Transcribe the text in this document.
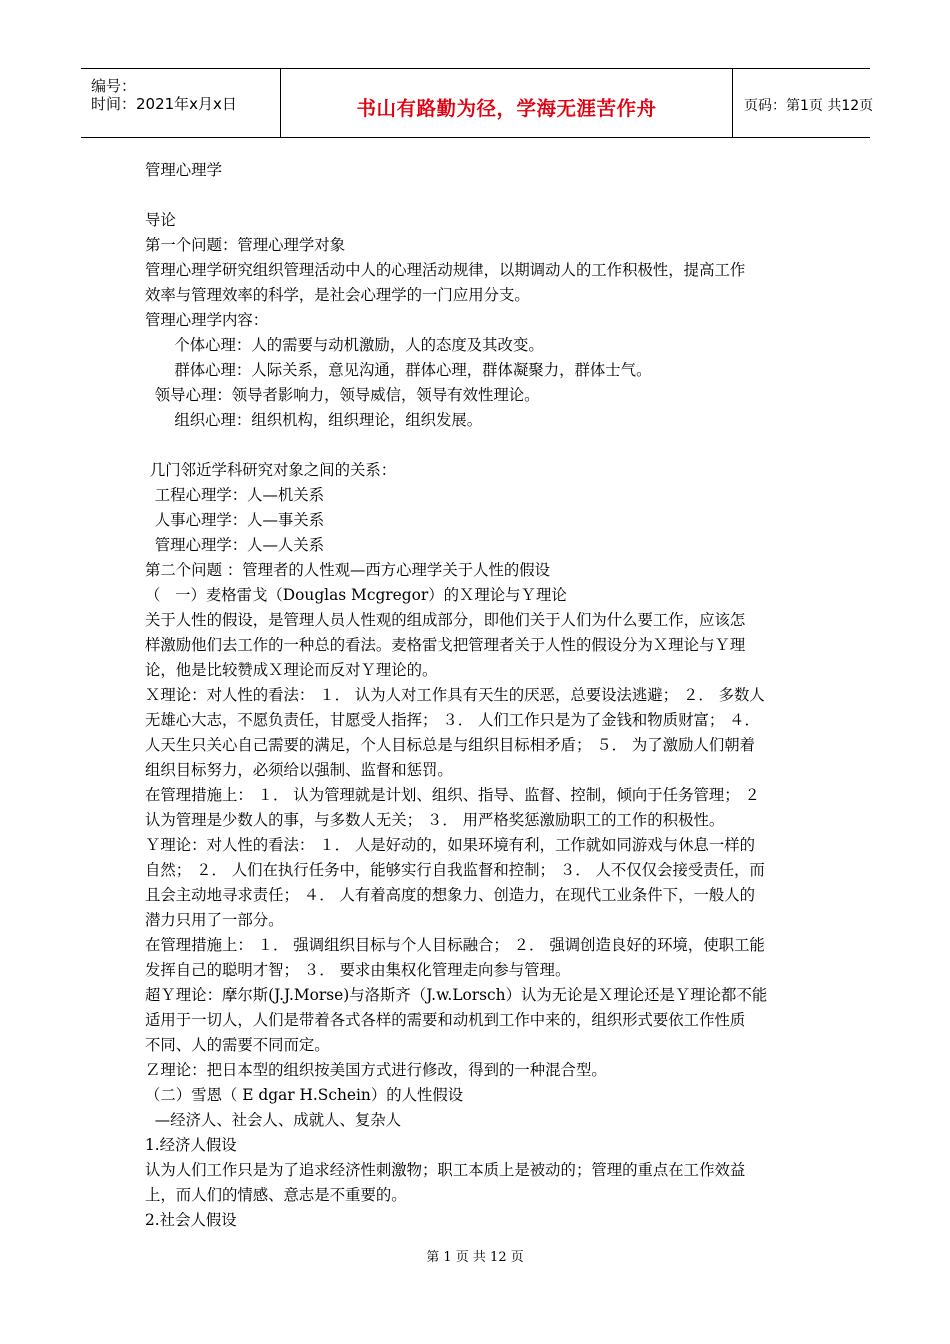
编号：
时间：2021年x月x日	书山有路勤为径，学海无涯苦作舟	页码：第1页 共12页
管理心理学
导论
第一个问题：管理心理学对象
管理心理学研究组织管理活动中人的心理活动规律，以期调动人的工作积极性，提高工作
效率与管理效率的科学，是社会心理学的一门应用分支。
管理心理学内容：
个体心理：人的需要与动机激励，人的态度及其改变。
群体心理：人际关系，意见沟通，群体心理，群体凝聚力，群体士气。
领导心理：领导者影响力，领导威信，领导有效性理论。
组织心理：组织机构，组织理论，组织发展。
几门邻近学科研究对象之间的关系：
工程心理学：人—机关系
人事心理学：人—事关系
管理心理学：人—人关系
第二个问题 ：管理者的人性观—西方心理学关于人性的假设
（   一）麦格雷戈（Douglas Mcgregor）的Ｘ理论与Ｙ理论
关于人性的假设，是管理人员人性观的组成部分，即他们关于人们为什么要工作，应该怎
样激励他们去工作的一种总的看法。麦格雷戈把管理者关于人性的假设分为Ｘ理论与Ｙ理
论，他是比较赞成Ｘ理论而反对Ｙ理论的。
Ｘ理论：对人性的看法： １． 认为人对工作具有天生的厌恶，总要设法逃避； ２． 多数人
无雄心大志，不愿负责任，甘愿受人指挥； ３． 人们工作只是为了金钱和物质财富； ４．
人天生只关心自己需要的满足，个人目标总是与组织目标相矛盾； ５． 为了激励人们朝着
组织目标努力，必须给以强制、监督和惩罚。
在管理措施上： １． 认为管理就是计划、组织、指导、监督、控制，倾向于任务管理； ２
认为管理是少数人的事，与多数人无关； ３． 用严格奖惩激励职工的工作的积极性。
Ｙ理论：对人性的看法： １． 人是好动的，如果环境有利，工作就如同游戏与休息一样的
自然； ２． 人们在执行任务中，能够实行自我监督和控制； ３． 人不仅仅会接受责任，而
且会主动地寻求责任； ４． 人有着高度的想象力、创造力，在现代工业条件下，一般人的
潜力只用了一部分。
在管理措施上： １． 强调组织目标与个人目标融合； ２． 强调创造良好的环境，使职工能
发挥自己的聪明才智； ３． 要求由集权化管理走向参与管理。
超Ｙ理论：摩尔斯(J.J.Morse)与洛斯齐（J.w.Lorsch）认为无论是Ｘ理论还是Ｙ理论都不能
适用于一切人，人们是带着各式各样的需要和动机到工作中来的，组织形式要依工作性质
不同、人的需要不同而定。
Ｚ理论：把日本型的组织按美国方式进行修改，得到的一种混合型。
（二）雪恩（ E dgar H.Schein）的人性假设
—经济人、社会人、成就人、复杂人
1.经济人假设
认为人们工作只是为了追求经济性刺激物；职工本质上是被动的；管理的重点在工作效益
上，而人们的情感、意志是不重要的。
2.社会人假设
第 1 页 共 12 页
